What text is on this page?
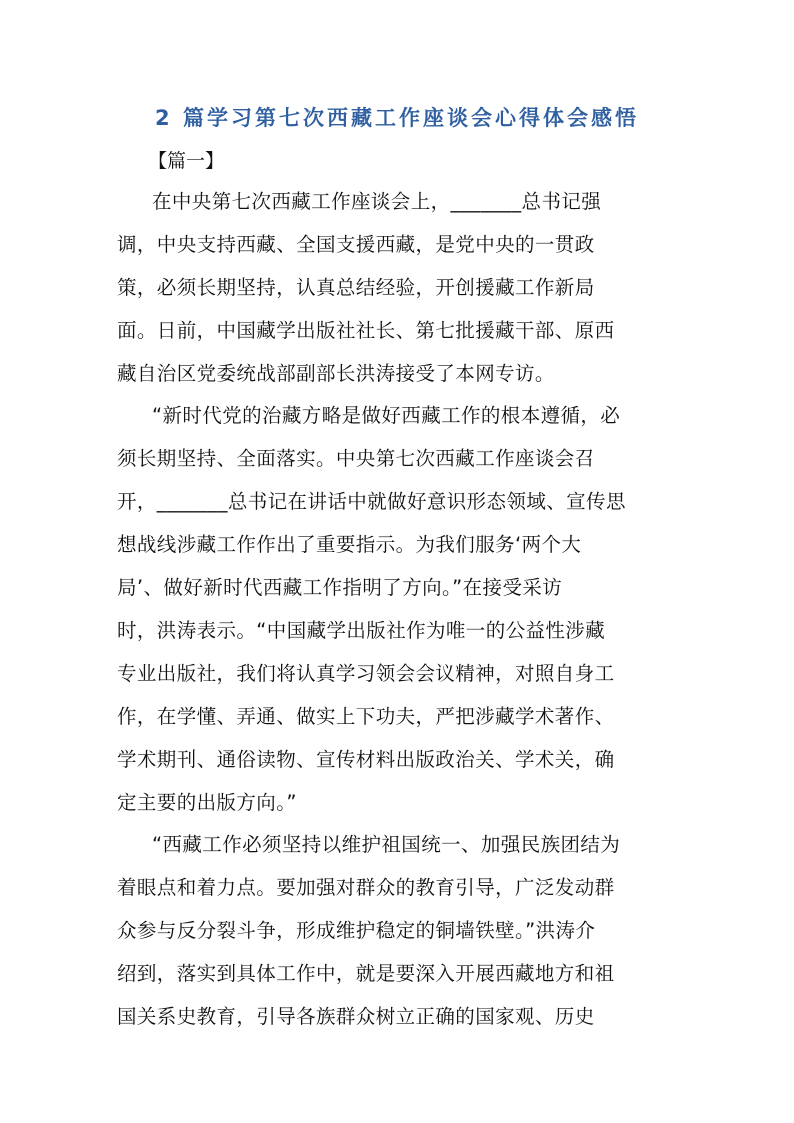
2 篇学习第七次西藏工作座谈会心得体会感悟
【篇一】
在中央第七次西藏工作座谈会上，_______总书记强
调，中央支持西藏、全国支援西藏，是党中央的一贯政
策，必须长期坚持，认真总结经验，开创援藏工作新局
面。日前，中国藏学出版社社长、第七批援藏干部、原西
藏自治区党委统战部副部长洪涛接受了本网专访。
“新时代党的治藏方略是做好西藏工作的根本遵循，必
须长期坚持、全面落实。中央第七次西藏工作座谈会召
开，_______总书记在讲话中就做好意识形态领域、宣传思
想战线涉藏工作作出了重要指示。为我们服务‘两个大
局’、做好新时代西藏工作指明了方向。”在接受采访
时，洪涛表示。“中国藏学出版社作为唯一的公益性涉藏
专业出版社，我们将认真学习领会会议精神，对照自身工
作，在学懂、弄通、做实上下功夫，严把涉藏学术著作、
学术期刊、通俗读物、宣传材料出版政治关、学术关，确
定主要的出版方向。”
“西藏工作必须坚持以维护祖国统一、加强民族团结为
着眼点和着力点。要加强对群众的教育引导，广泛发动群
众参与反分裂斗争，形成维护稳定的铜墙铁壁。”洪涛介
绍到，落实到具体工作中，就是要深入开展西藏地方和祖
国关系史教育，引导各族群众树立正确的国家观、历史
